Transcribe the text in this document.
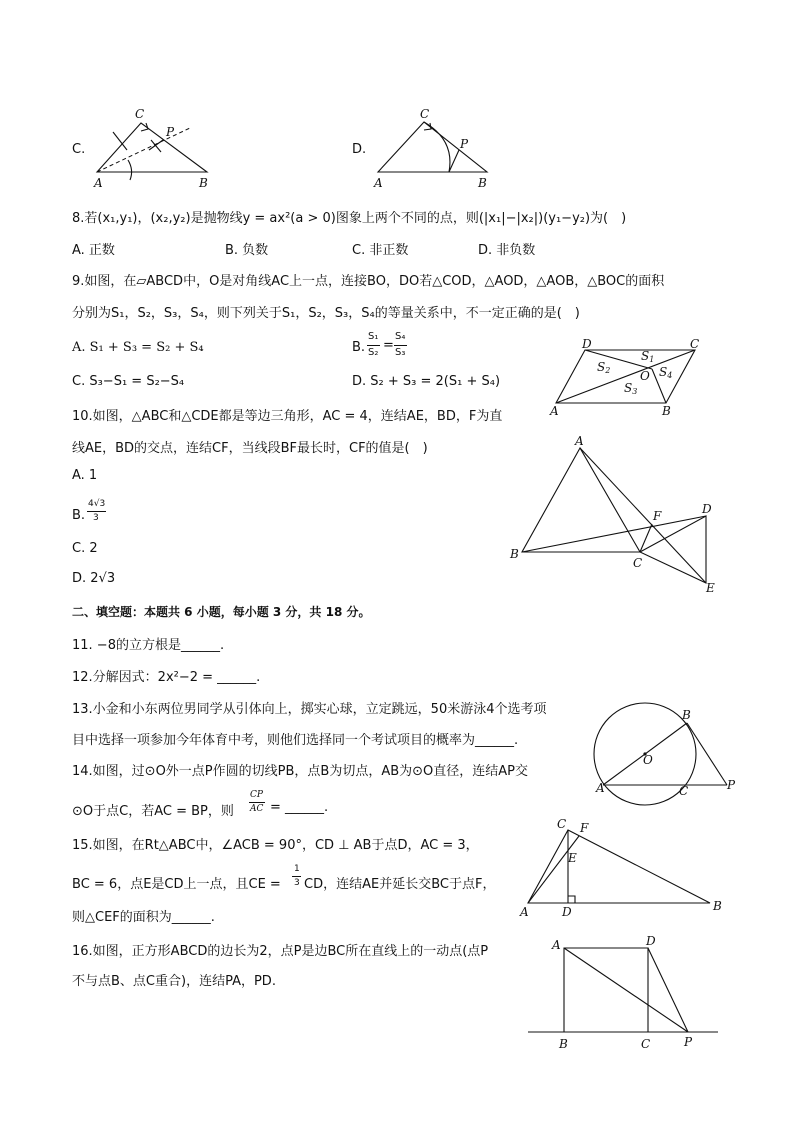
C.
C
P
A	B
D.
C
P
A	B
8.若(x₁,y₁)，(x₂,y₂)是抛物线y = ax²(a > 0)图象上两个不同的点，则(|x₁|−|x₂|)(y₁−y₂)为(　)
A. 正数	B. 负数	C. 非正数	D. 非负数
9.如图，在▱ABCD中，O是对角线AC上一点，连接BO，DO若△COD，△AOD，△AOB，△BOC的面积
分别为S₁，S₂，S₃，S₄，则下列关于S₁，S₂，S₃，S₄的等量关系中，不一定正确的是(　)
A. S₁ + S₃ = S₂ + S₄	B.
S₁
S₂ =
S₄
S₃
C. S₃−S₁ = S₂−S₄	D. S₂ + S₃ = 2(S₁ + S₄)
D	C
S1
S2
S3
S4
O
A	B
10.如图，△ABC和△CDE都是等边三角形，AC = 4，连结AE，BD，F为直
线AE，BD的交点，连结CF，当线段BF最长时，CF的值是(　)
A. 1
B.
4√3
3
C. 2
D. 2√3
A
B
C
D
E
F
二、填空题：本题共 6 小题，每小题 3 分，共 18 分。
11. −8的立方根是______.
12.分解因式：2x²−2 = ______.
13.小金和小东两位男同学从引体向上，掷实心球，立定跳远，50米游泳4个选考项
目中选择一项参加今年体育中考，则他们选择同一个考试项目的概率为______.
14.如图，过⊙O外一点P作圆的切线PB，点B为切点，AB为⊙O直径，连结AP交
⊙O于点C，若AC = BP，则
CP
AC = ______.
B
O
A	C	P
15.如图，在Rt△ABC中，∠ACB = 90°，CD ⊥ AB于点D，AC = 3，
BC = 6，点E是CD上一点，且CE =
1
3 CD，连结AE并延长交BC于点F，
则△CEF的面积为______.
C F
E
A	D	B
16.如图，正方形ABCD的边长为2，点P是边BC所在直线上的一动点(点P
不与点B、点C重合)，连结PA，PD.
A	D
B	C	P
